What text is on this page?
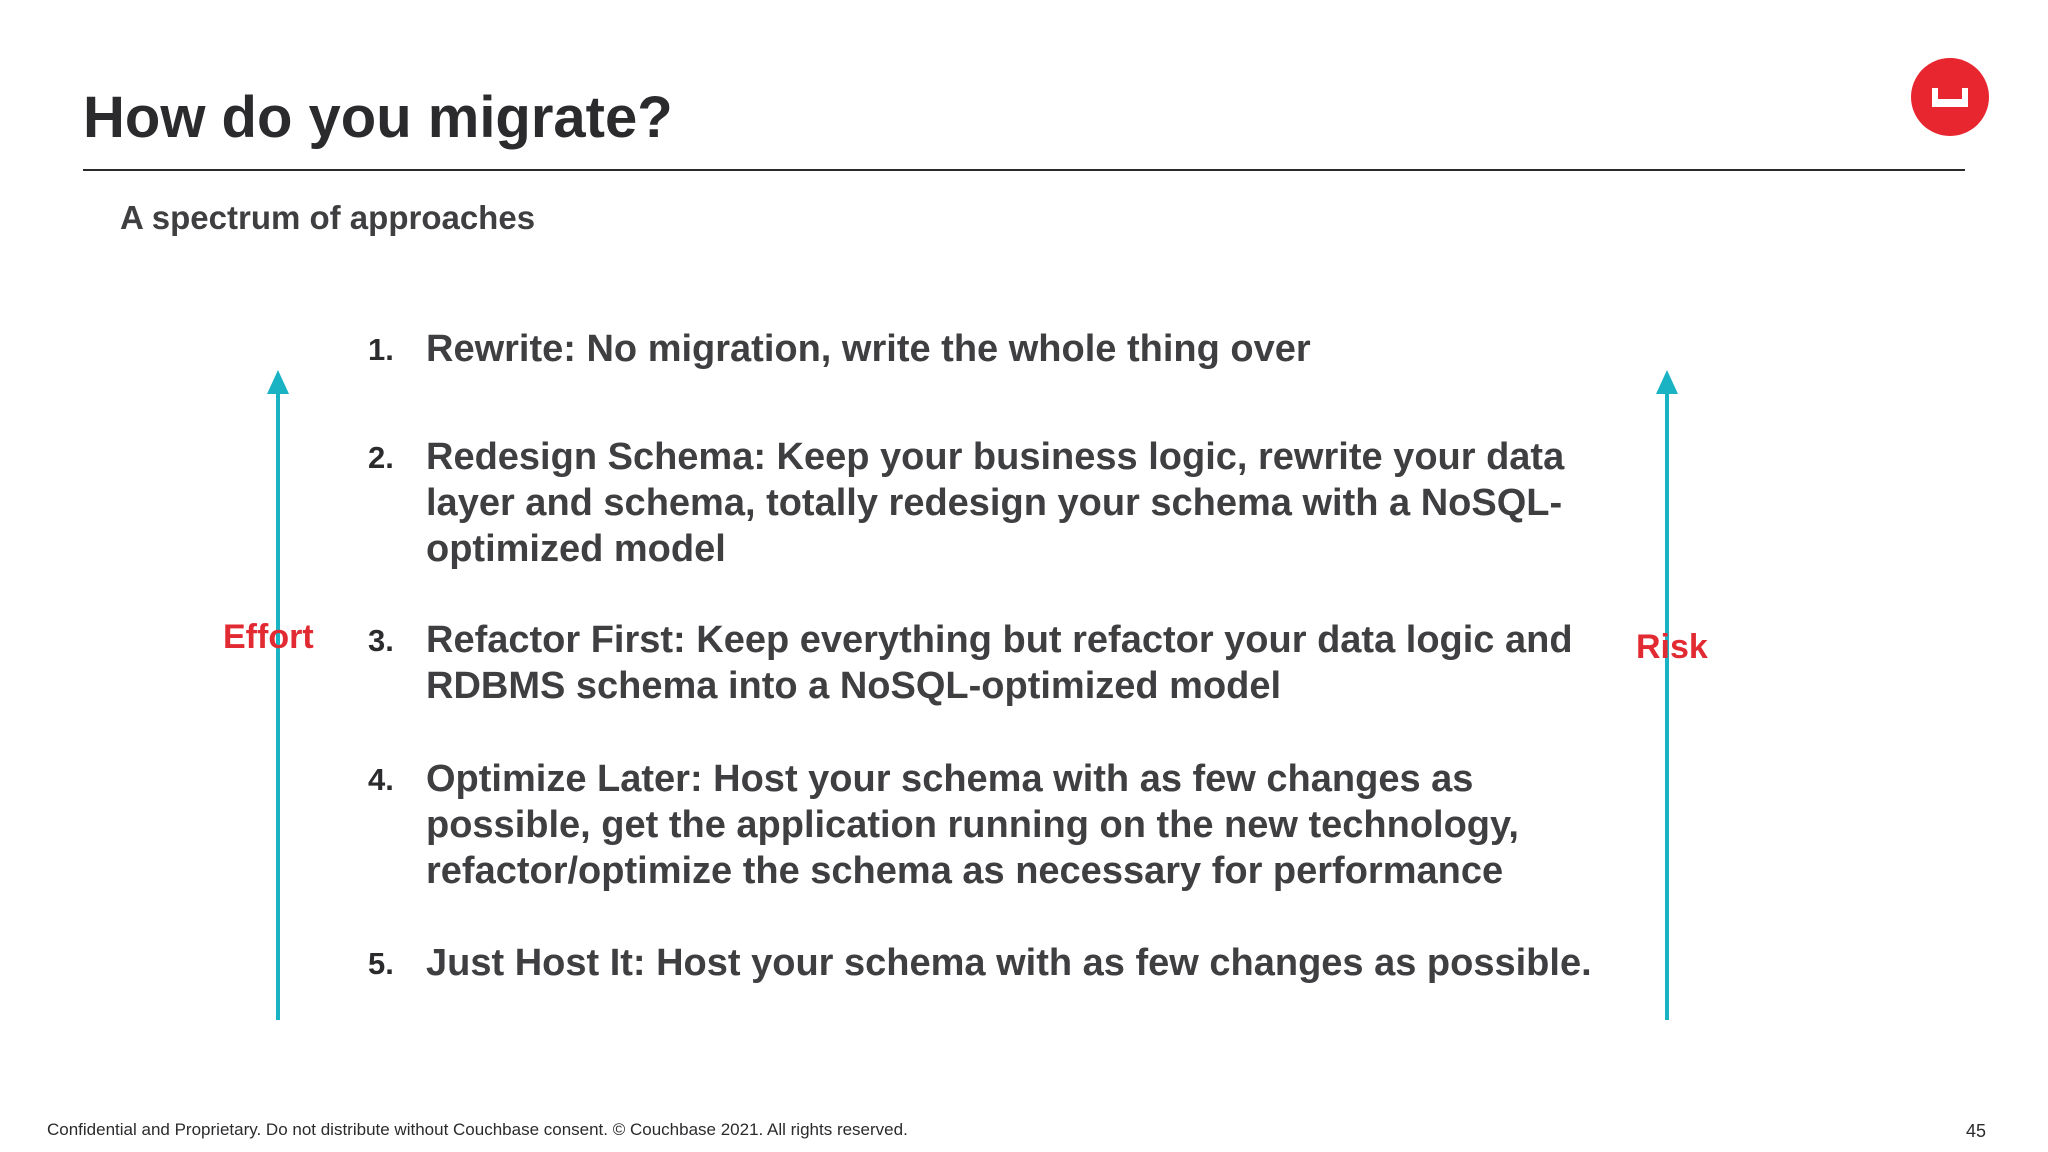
How do you migrate?
A spectrum of approaches
Effort	Risk
1. Rewrite: No migration, write the whole thing over
2. Redesign Schema: Keep your business logic, rewrite your data layer and schema, totally redesign your schema with a NoSQL-optimized model
3. Refactor First: Keep everything but refactor your data logic and RDBMS schema into a NoSQL-optimized model
4. Optimize Later: Host your schema with as few changes as possible, get the application running on the new technology, refactor/optimize the schema as necessary for performance
5. Just Host It: Host your schema with as few changes as possible.
Confidential and Proprietary. Do not distribute without Couchbase consent. © Couchbase 2021. All rights reserved.	45
